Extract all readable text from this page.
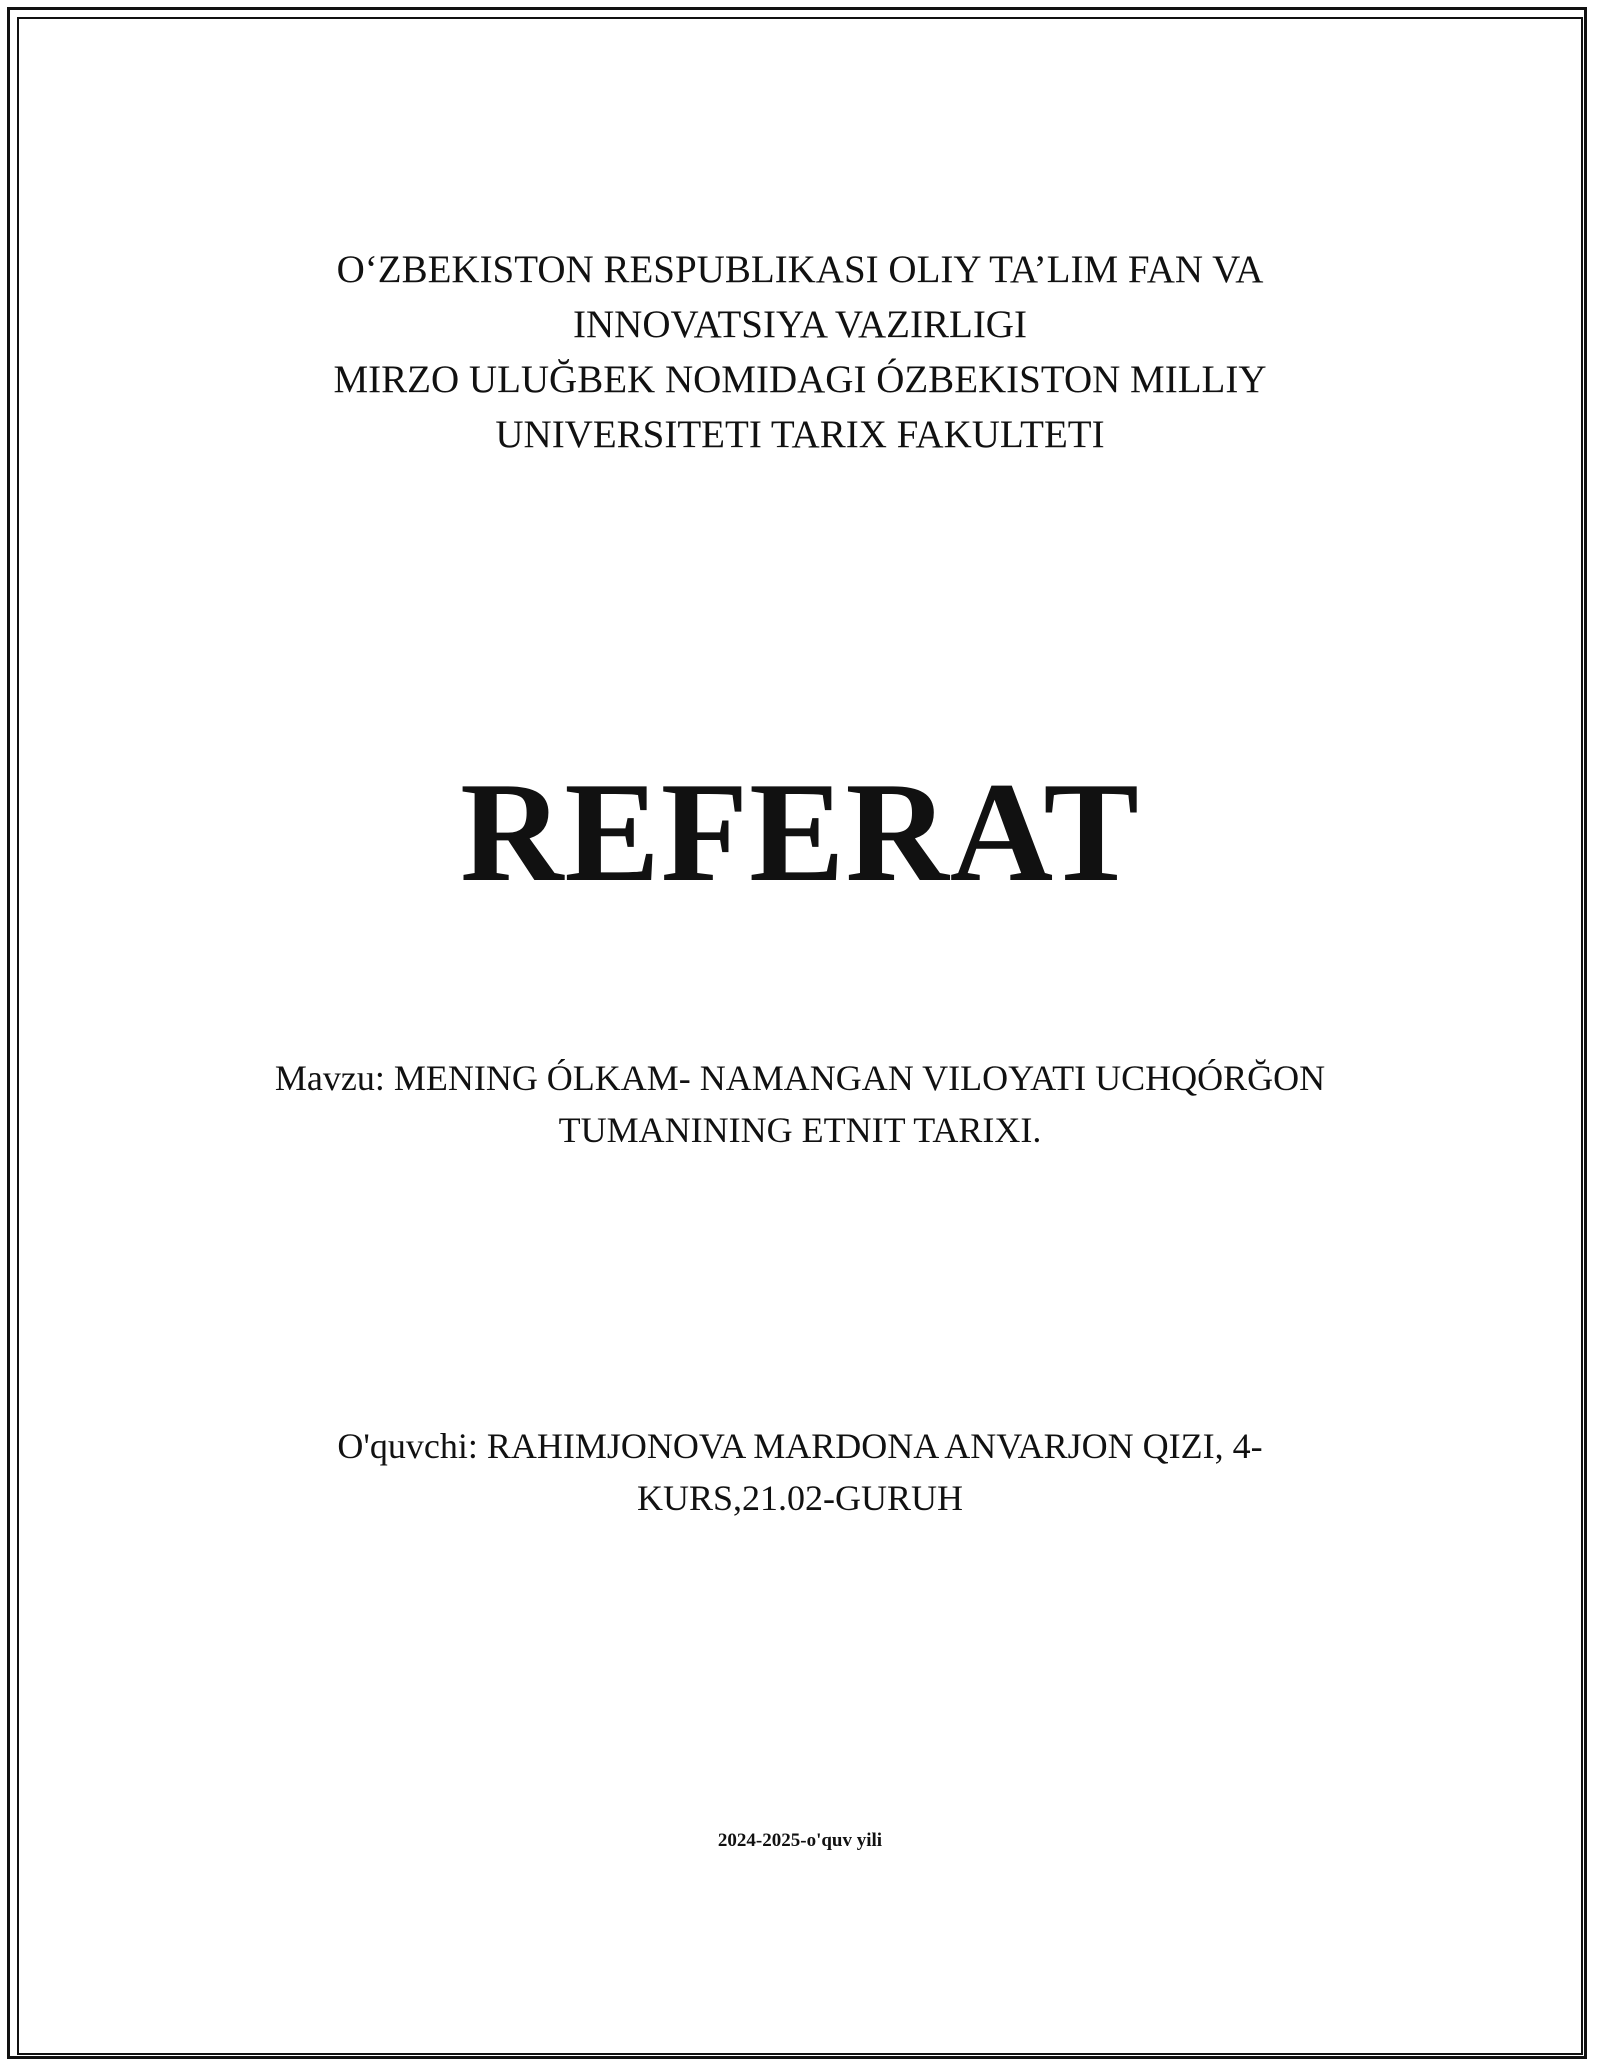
O‘ZBEKISTON RESPUBLIKASI OLIY TA’LIM FAN VA
INNOVATSIYA VAZIRLIGI
MIRZO ULUĞBEK NOMIDAGI ÓZBEKISTON MILLIY
UNIVERSITETI TARIX FAKULTETI
REFERAT
Mavzu: MENING ÓLKAM- NAMANGAN VILOYATI UCHQÓRĞON
TUMANINING ETNIT TARIXI.
O'quvchi: RAHIMJONOVA MARDONA ANVARJON QIZI, 4-
KURS,21.02-GURUH
2024-2025-o'quv yili
